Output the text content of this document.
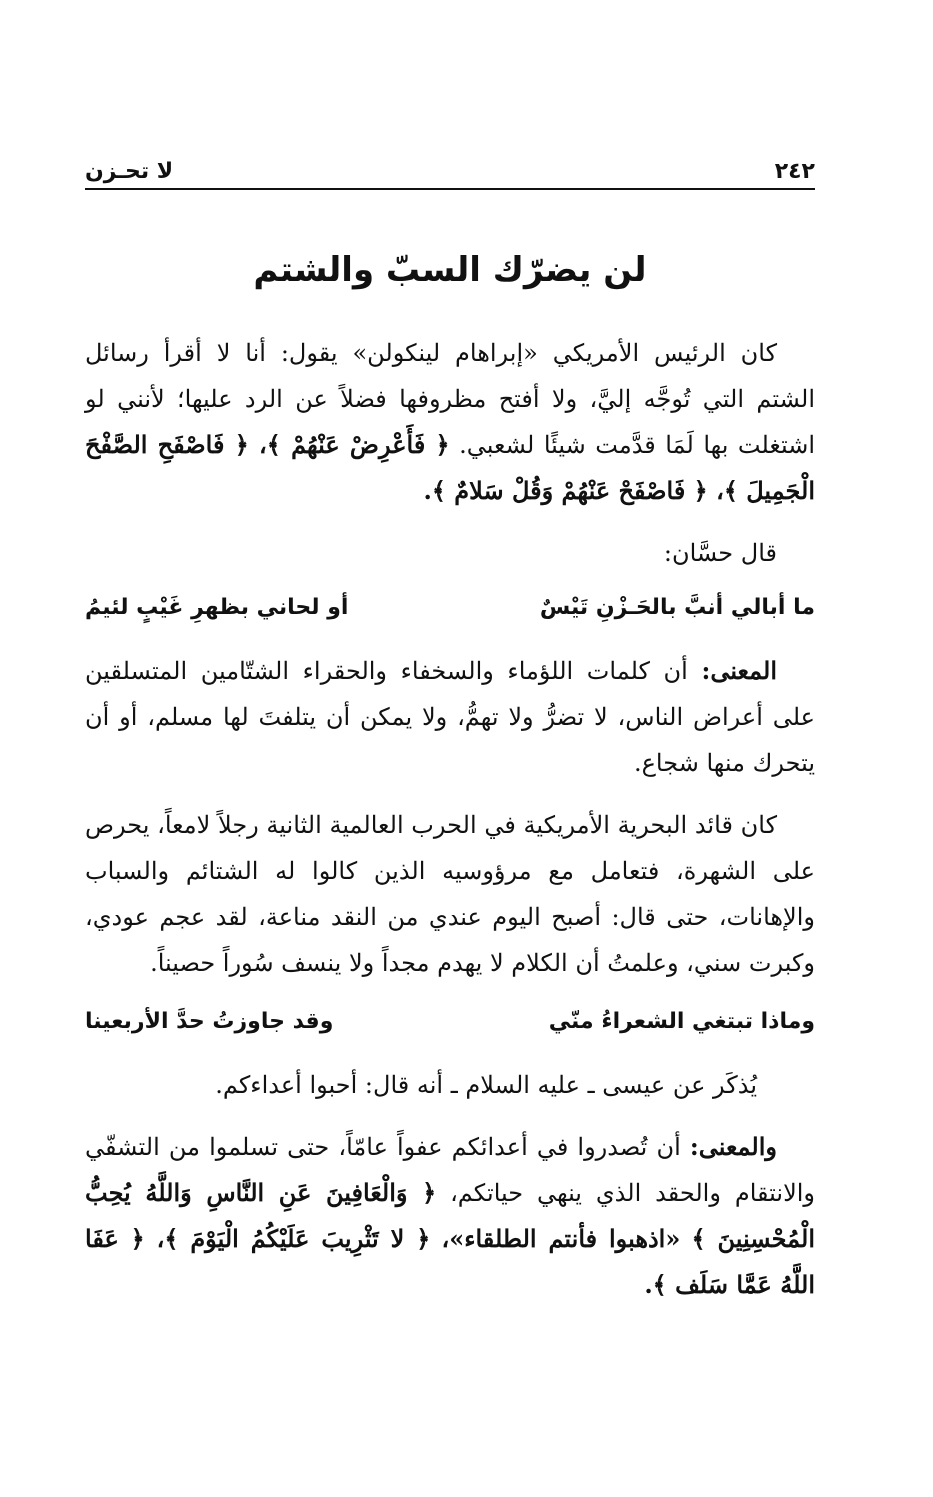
٢٤٢
لا تحـزن
لن يضرّك السبّ والشتم

كان الرئيس الأمريكي «إبراهام لينكولن» يقول: أنا لا أقرأ رسائل الشتم التي تُوجَّه إليَّ، ولا أفتح مظروفها فضلاً عن الرد عليها؛ لأنني لو اشتغلت بها لَمَا قدَّمت شيئًا لشعبي. ﴿ فَأَعْرِضْ عَنْهُمْ ﴾، ﴿ فَاصْفَحِ الصَّفْحَ الْجَمِيلَ ﴾، ﴿ فَاصْفَحْ عَنْهُمْ وَقُلْ سَلامٌ ﴾.

قال حسَّان:

ما أبالي أنبَّ بالحَـزْنِ تَيْسٌ
أو لحاني بظهرِ غَيْبٍ لئيمُ

المعنى: أن كلمات اللؤماء والسخفاء والحقراء الشتّامين المتسلقين على أعراض الناس، لا تضرُّ ولا تهمُّ، ولا يمكن أن يتلفتَ لها مسلم، أو أن يتحرك منها شجاع.

كان قائد البحرية الأمريكية في الحرب العالمية الثانية رجلاً لامعاً، يحرص على الشهرة، فتعامل مع مرؤوسيه الذين كالوا له الشتائم والسباب والإهانات، حتى قال: أصبح اليوم عندي من النقد مناعة، لقد عجم عودي، وكبرت سني، وعلمتُ أن الكلام لا يهدم مجداً ولا ينسف سُوراً حصيناً.

وماذا تبتغي الشعراءُ منّي
وقد جاوزتُ حدَّ الأربعينا

يُذكَر عن عيسى ـ عليه السلام ـ أنه قال: أحبوا أعداءكم.

والمعنى: أن تُصدروا في أعدائكم عفواً عامّاً، حتى تسلموا من التشفّي والانتقام والحقد الذي ينهي حياتكم، ﴿ وَالْعَافِينَ عَنِ النَّاسِ وَاللَّهُ يُحِبُّ الْمُحْسِنِينَ ﴾ «اذهبوا فأنتم الطلقاء»، ﴿ لا تَثْرِيبَ عَلَيْكُمُ الْيَوْمَ ﴾، ﴿ عَفَا اللَّهُ عَمَّا سَلَف ﴾.
